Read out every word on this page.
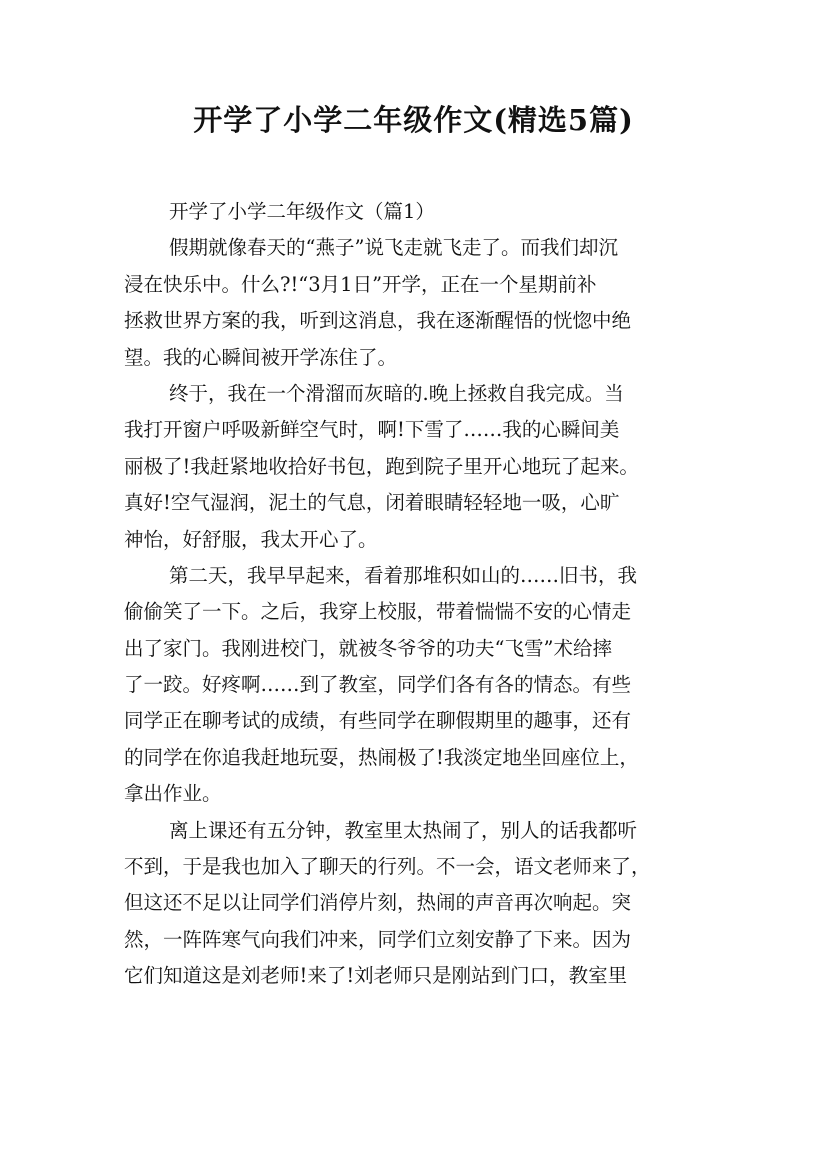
开学了小学二年级作文(精选5篇)
开学了小学二年级作文（篇1）
假期就像春天的“燕子”说飞走就飞走了。而我们却沉
浸在快乐中。什么?!“3月1日”开学，正在一个星期前补
拯救世界方案的我，听到这消息，我在逐渐醒悟的恍惚中绝
望。我的心瞬间被开学冻住了。
终于，我在一个滑溜而灰暗的.晚上拯救自我完成。当
我打开窗户呼吸新鲜空气时，啊!下雪了……我的心瞬间美
丽极了!我赶紧地收拾好书包，跑到院子里开心地玩了起来。
真好!空气湿润，泥土的气息，闭着眼睛轻轻地一吸，心旷
神怡，好舒服，我太开心了。
第二天，我早早起来，看着那堆积如山的……旧书，我
偷偷笑了一下。之后，我穿上校服，带着惴惴不安的心情走
出了家门。我刚进校门，就被冬爷爷的功夫“飞雪”术给摔
了一跤。好疼啊……到了教室，同学们各有各的情态。有些
同学正在聊考试的成绩，有些同学在聊假期里的趣事，还有
的同学在你追我赶地玩耍，热闹极了!我淡定地坐回座位上，
拿出作业。
离上课还有五分钟，教室里太热闹了，别人的话我都听
不到，于是我也加入了聊天的行列。不一会，语文老师来了，
但这还不足以让同学们消停片刻，热闹的声音再次响起。突
然，一阵阵寒气向我们冲来，同学们立刻安静了下来。因为
它们知道这是刘老师!来了!刘老师只是刚站到门口，教室里
